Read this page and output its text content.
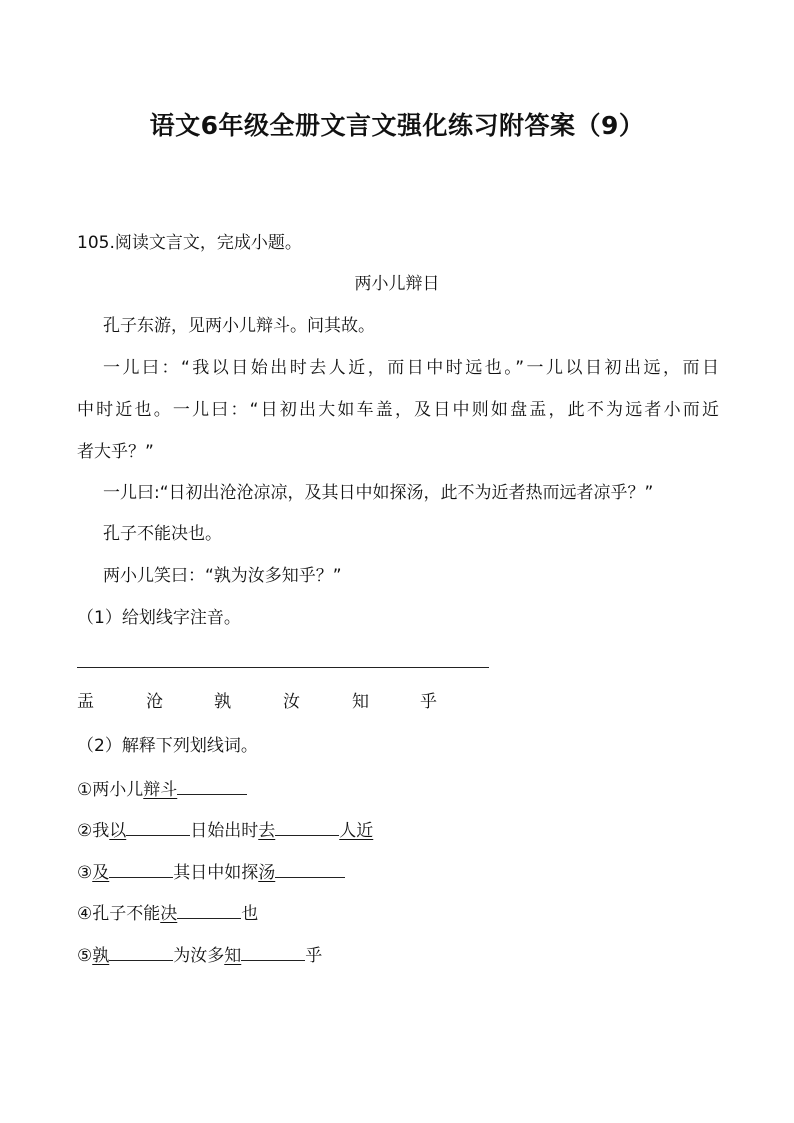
语文6年级全册文言文强化练习附答案（9）
105.阅读文言文，完成小题。
两小儿辩日
孔子东游，见两小儿辩斗。问其故。
一儿曰：“我以日始出时去人近，而日中时远也。”一儿以日初出远，而日
中时近也。一儿曰：“日初出大如车盖，及日中则如盘盂，此不为远者小而近
者大乎？”
一儿曰:“日初出沧沧凉凉，及其日中如探汤，此不为近者热而远者凉乎？”
孔子不能决也。
两小儿笑曰：“孰为汝多知乎？”
（1）给划线字注音。
盂	沧	孰	汝	知	乎
（2）解释下列划线词。
①两小儿辩斗
②我以	日始出时去	人近
③及	其日中如探汤
④孔子不能决	也
⑤孰	为汝多知	乎
